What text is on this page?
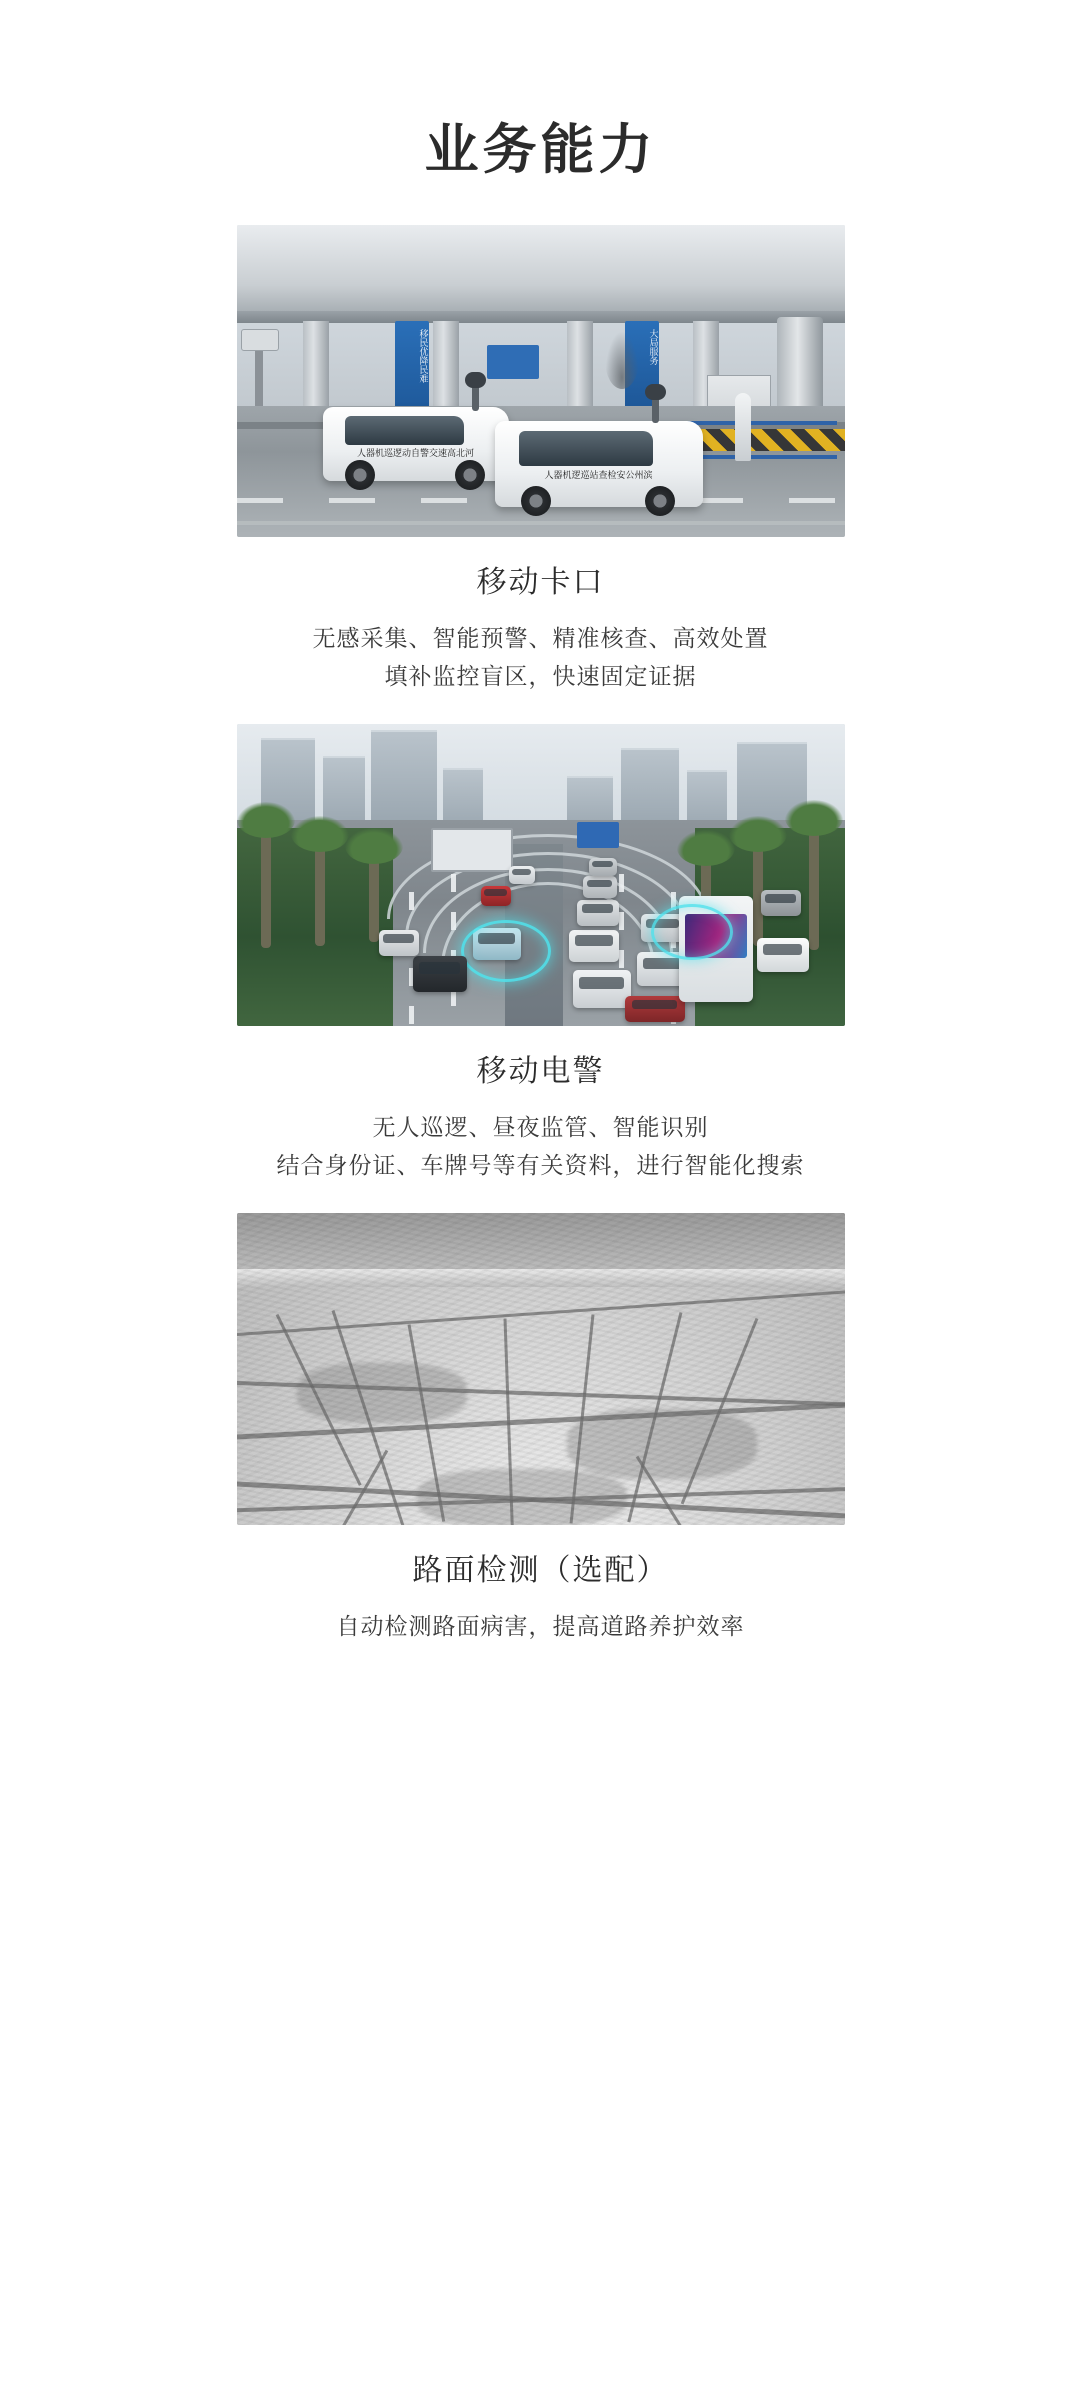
业务能力
移民优降民难	大局服务
人器机巡逻动自警交速高北河
人器机逻巡站查检安公州滨
移动卡口
无感采集、智能预警、精准核查、高效处置
填补监控盲区，快速固定证据
移动电警
无人巡逻、昼夜监管、智能识别
结合身份证、车牌号等有关资料，进行智能化搜索
路面检测（选配）
自动检测路面病害，提高道路养护效率
